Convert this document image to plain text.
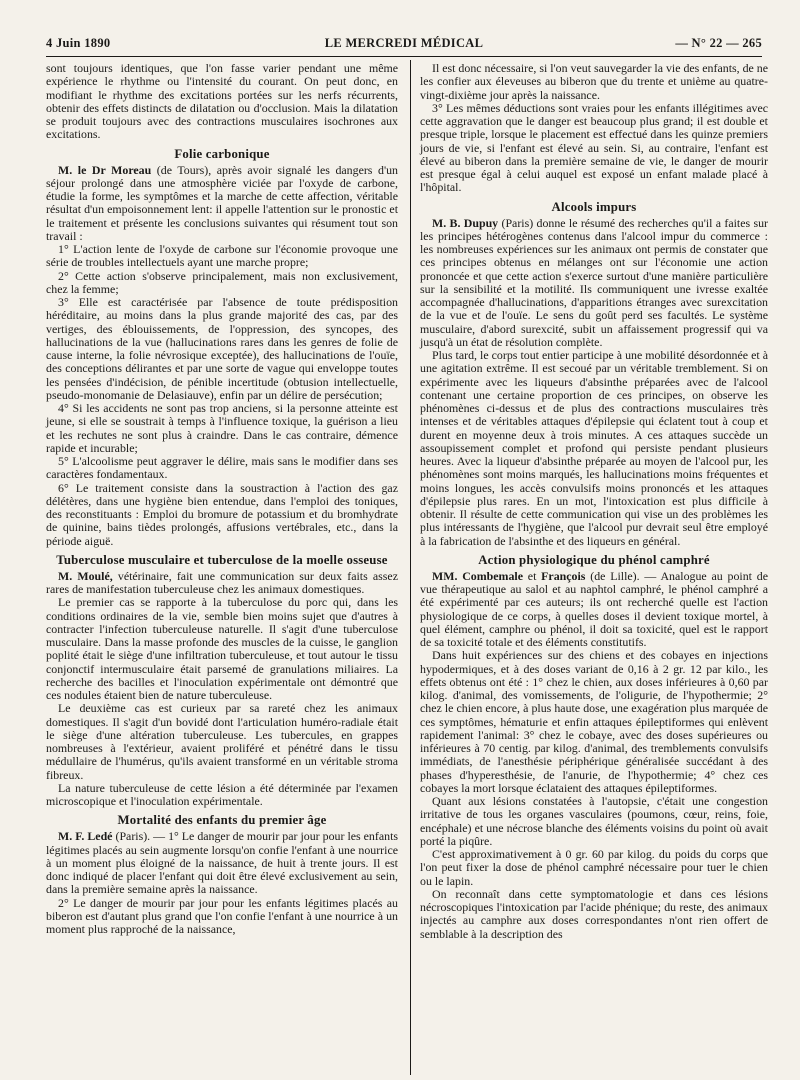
4 Juin 1890	LE MERCREDI MÉDICAL	— N° 22 — 265

sont toujours identiques, que l'on fasse varier pendant une même expérience le rhythme ou l'intensité du courant. On peut donc, en modifiant le rhythme des excitations portées sur les nerfs récurrents, obtenir des effets distincts de dilatation ou d'occlusion. Mais la dilatation se produit toujours avec des contractions musculaires isochrones aux excitations.

Folie carbonique

M. le Dr Moreau (de Tours), après avoir signalé les dangers d'un séjour prolongé dans une atmosphère viciée par l'oxyde de carbone, étudie la forme, les symptômes et la marche de cette affection, véritable résultat d'un empoisonnement lent: il appelle l'attention sur le pronostic et le traitement et présente les conclusions suivantes qui résument tout son travail :

1° L'action lente de l'oxyde de carbone sur l'économie provoque une série de troubles intellectuels ayant une marche propre;

2° Cette action s'observe principalement, mais non exclusivement, chez la femme;

3° Elle est caractérisée par l'absence de toute prédisposition héréditaire, au moins dans la plus grande majorité des cas, par des vertiges, des éblouissements, de l'oppression, des syncopes, des hallucinations de la vue (hallucinations rares dans les genres de folie de cause interne, la folie névrosique exceptée), des hallucinations de l'ouïe, des conceptions délirantes et par une sorte de vague qui enveloppe toutes les pensées d'indécision, de pénible incertitude (obtusion intellectuelle, pseudo-monomanie de Delasiauve), enfin par un délire de persécution;

4° Si les accidents ne sont pas trop anciens, si la personne atteinte est jeune, si elle se soustrait à temps à l'influence toxique, la guérison a lieu et les rechutes ne sont plus à craindre. Dans le cas contraire, démence rapide et incurable;

5° L'alcoolisme peut aggraver le délire, mais sans le modifier dans ses caractères fondamentaux.

6° Le traitement consiste dans la soustraction à l'action des gaz délétères, dans une hygiène bien entendue, dans l'emploi des toniques, des reconstituants : Emploi du bromure de potassium et du bromhydrate de quinine, bains tièdes prolongés, affusions vertébrales, etc., dans la période aiguë.

Tuberculose musculaire et tuberculose de la moelle osseuse

M. Moulé, vétérinaire, fait une communication sur deux faits assez rares de manifestation tuberculeuse chez les animaux domestiques.

Le premier cas se rapporte à la tuberculose du porc qui, dans les conditions ordinaires de la vie, semble bien moins sujet que d'autres à contracter l'infection tuberculeuse naturelle. Il s'agit d'une tuberculose musculaire. Dans la masse profonde des muscles de la cuisse, le ganglion poplité était le siège d'une infiltration tuberculeuse, et tout autour le tissu conjonctif intermusculaire était parsemé de granulations miliaires. La recherche des bacilles et l'inoculation expérimentale ont démontré que ces nodules étaient bien de nature tuberculeuse.

Le deuxième cas est curieux par sa rareté chez les animaux domestiques. Il s'agit d'un bovidé dont l'articulation huméro-radiale était le siège d'une altération tuberculeuse. Les tubercules, en grappes nombreuses à l'extérieur, avaient proliféré et pénétré dans le tissu médullaire de l'humérus, qu'ils avaient transformé en un véritable stroma fibreux.

La nature tuberculeuse de cette lésion a été déterminée par l'examen microscopique et l'inoculation expérimentale.

Mortalité des enfants du premier âge

M. F. Ledé (Paris). — 1° Le danger de mourir par jour pour les enfants légitimes placés au sein augmente lorsqu'on confie l'enfant à une nourrice à un moment plus éloigné de la naissance, de huit à trente jours. Il est donc indiqué de placer l'enfant qui doit être élevé exclusivement au sein, dans la première semaine après la naissance.

2° Le danger de mourir par jour pour les enfants légitimes placés au biberon est d'autant plus grand que l'on confie l'enfant à une nourrice à un moment plus rapproché de la naissance,

Il est donc nécessaire, si l'on veut sauvegarder la vie des enfants, de ne les confier aux éleveuses au biberon que du trente et unième au quatre-vingt-dixième jour après la naissance.

3° Les mêmes déductions sont vraies pour les enfants illégitimes avec cette aggravation que le danger est beaucoup plus grand; il est double et presque triple, lorsque le placement est effectué dans les quinze premiers jours de vie, si l'enfant est élevé au sein. Si, au contraire, l'enfant est élevé au biberon dans la première semaine de vie, le danger de mourir est presque égal à celui auquel est exposé un enfant malade placé à l'hôpital.

Alcools impurs

M. B. Dupuy (Paris) donne le résumé des recherches qu'il a faites sur les principes hétérogènes contenus dans l'alcool impur du commerce : les nombreuses expériences sur les animaux ont permis de constater que ces principes obtenus en mélanges ont sur l'économie une action prononcée et que cette action s'exerce surtout d'une manière particulière sur la sensibilité et la motilité. Ils communiquent une ivresse exaltée accompagnée d'hallucinations, d'apparitions étranges avec surexcitation de la vue et de l'ouïe. Le sens du goût perd ses facultés. Le système musculaire, d'abord surexcité, subit un affaissement progressif qui va jusqu'à un état de résolution complète.

Plus tard, le corps tout entier participe à une mobilité désordonnée et à une agitation extrême. Il est secoué par un véritable tremblement. Si on expérimente avec les liqueurs d'absinthe préparées avec de l'alcool contenant une certaine proportion de ces principes, on observe les phénomènes ci-dessus et de plus des contractions musculaires très intenses et de véritables attaques d'épilepsie qui éclatent tout à coup et durent en moyenne deux à trois minutes. A ces attaques succède un assoupissement complet et profond qui persiste pendant plusieurs heures. Avec la liqueur d'absinthe préparée au moyen de l'alcool pur, les phénomènes sont moins marqués, les hallucinations moins fréquentes et moins longues, les accès convulsifs moins prononcés et les attaques d'épilepsie plus rares. En un mot, l'intoxication est plus difficile à obtenir. Il résulte de cette communication qui vise un des problèmes les plus intéressants de l'hygiène, que l'alcool pur devrait seul être employé à la fabrication de l'absinthe et des liqueurs en général.

Action physiologique du phénol camphré

MM. Combemale et François (de Lille). — Analogue au point de vue thérapeutique au salol et au naphtol camphré, le phénol camphré a été expérimenté par ces auteurs; ils ont recherché quelle est l'action physiologique de ce corps, à quelles doses il devient toxique mortel, à quel élément, camphre ou phénol, il doit sa toxicité, quel est le rapport de sa toxicité totale et des éléments constitutifs.

Dans huit expériences sur des chiens et des cobayes en injections hypodermiques, et à des doses variant de 0,16 à 2 gr. 12 par kilo., les effets obtenus ont été : 1° chez le chien, aux doses inférieures à 0,60 par kilog. d'animal, des vomissements, de l'oligurie, de l'hypothermie; 2° chez le chien encore, à plus haute dose, une exagération plus marquée de ces symptômes, hématurie et enfin attaques épileptiformes qui enlèvent rapidement l'animal: 3° chez le cobaye, avec des doses supérieures ou inférieures à 70 centig. par kilog. d'animal, des tremblements convulsifs immédiats, de l'anesthésie périphérique généralisée succédant à des phases d'hyperesthésie, de l'anurie, de l'hypothermie; 4° chez ces cobayes la mort lorsque éclataient des attaques épileptiformes.

Quant aux lésions constatées à l'autopsie, c'était une congestion irritative de tous les organes vasculaires (poumons, cœur, reins, foie, encéphale) et une nécrose blanche des éléments voisins du point où avait porté la piqûre.

C'est approximativement à 0 gr. 60 par kilog. du poids du corps que l'on peut fixer la dose de phénol camphré nécessaire pour tuer le chien ou le lapin.

On reconnaît dans cette symptomatologie et dans ces lésions nécroscopiques l'intoxication par l'acide phénique; du reste, des animaux injectés au camphre aux doses correspondantes n'ont rien offert de semblable à la description des
